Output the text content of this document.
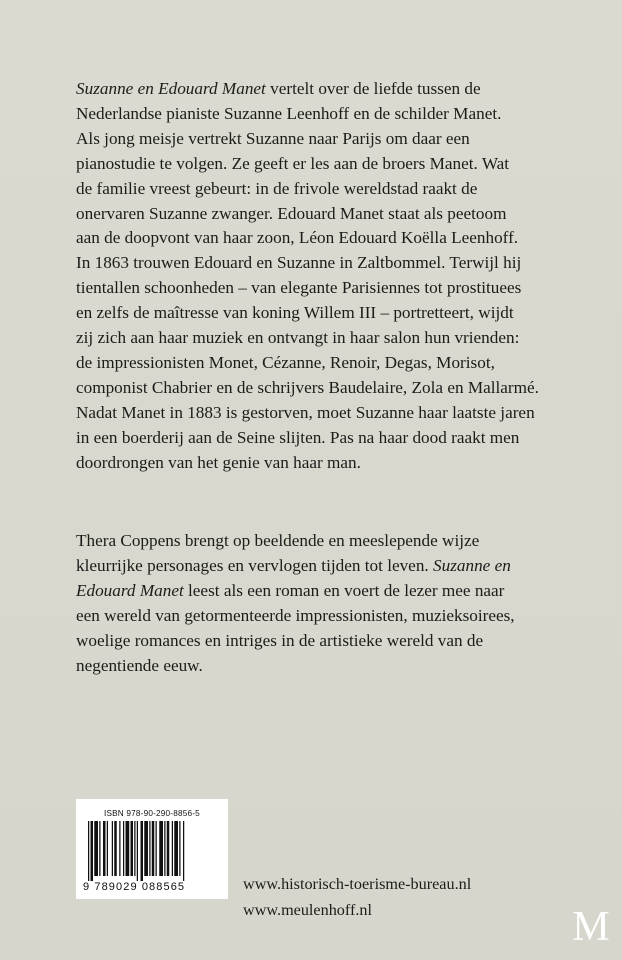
Suzanne en Edouard Manet vertelt over de liefde tussen de
Nederlandse pianiste Suzanne Leenhoff en de schilder Manet.
Als jong meisje vertrekt Suzanne naar Parijs om daar een
pianostudie te volgen. Ze geeft er les aan de broers Manet. Wat
de familie vreest gebeurt: in de frivole wereldstad raakt de
onervaren Suzanne zwanger. Edouard Manet staat als peetoom
aan de doopvont van haar zoon, Léon Edouard Koëlla Leenhoff.
In 1863 trouwen Edouard en Suzanne in Zaltbommel. Terwijl hij
tientallen schoonheden – van elegante Parisiennes tot prostituees
en zelfs de maîtresse van koning Willem III – portretteert, wijdt
zij zich aan haar muziek en ontvangt in haar salon hun vrienden:
de impressionisten Monet, Cézanne, Renoir, Degas, Morisot,
componist Chabrier en de schrijvers Baudelaire, Zola en Mallarmé.
Nadat Manet in 1883 is gestorven, moet Suzanne haar laatste jaren
in een boerderij aan de Seine slijten. Pas na haar dood raakt men
doordrongen van het genie van haar man.
Thera Coppens brengt op beeldende en meeslepende wijze
kleurrijke personages en vervlogen tijden tot leven. Suzanne en
Edouard Manet leest als een roman en voert de lezer mee naar
een wereld van getormenteerde impressionisten, muzieksoirees,
woelige romances en intriges in de artistieke wereld van de
negentiende eeuw.
ISBN 978-90-290-8856-5
9 789029 088565	www.historisch-toerisme-bureau.nl
www.meulenhoff.nl	M
